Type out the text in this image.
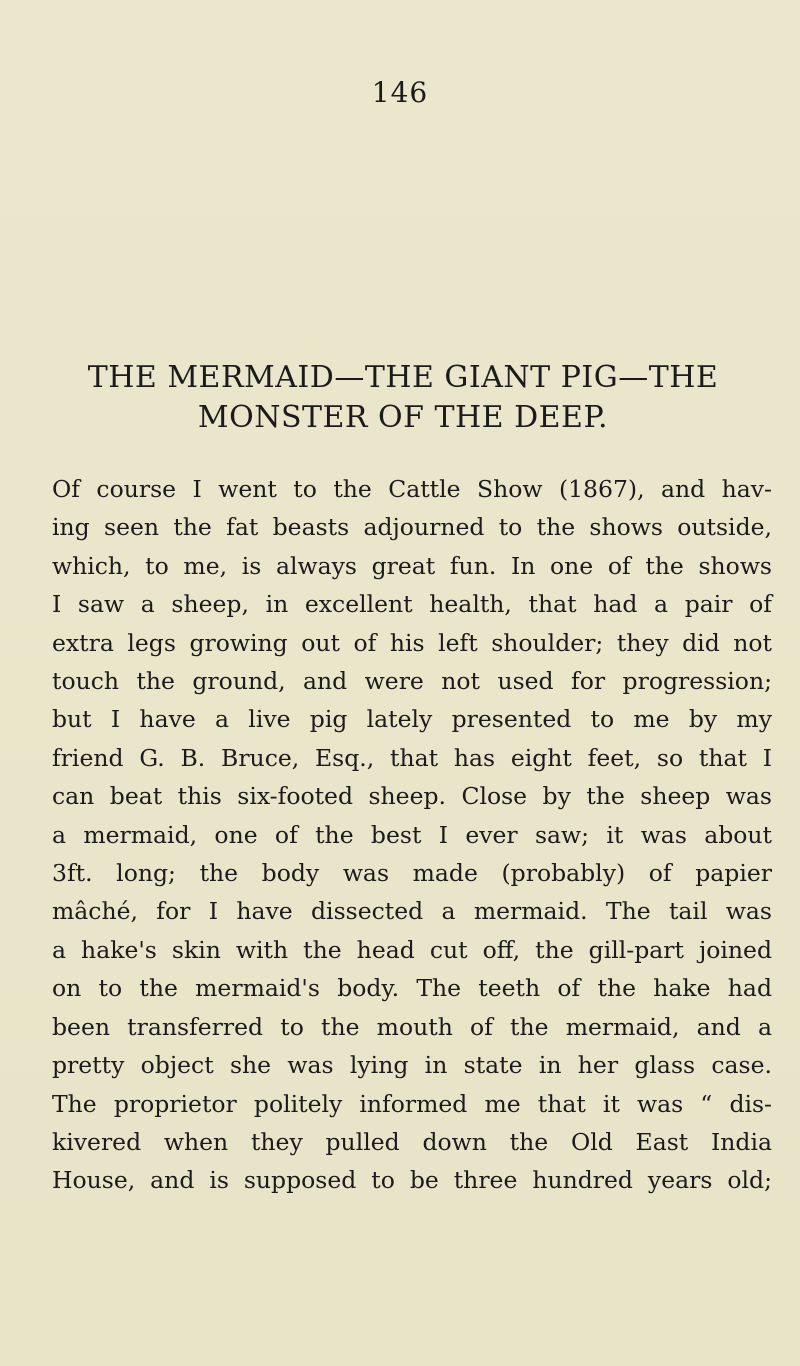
146
THE MERMAID—THE GIANT PIG—THE
MONSTER OF THE DEEP.
Of course I went to the Cattle Show (1867), and hav-
ing seen the fat beasts adjourned to the shows outside,
which, to me, is always great fun. In one of the shows
I saw a sheep, in excellent health, that had a pair of
extra legs growing out of his left shoulder; they did not
touch the ground, and were not used for progression;
but I have a live pig lately presented to me by my
friend G. B. Bruce, Esq., that has eight feet, so that I
can beat this six-footed sheep. Close by the sheep was
a mermaid, one of the best I ever saw; it was about
3ft. long; the body was made (probably) of papier
mâché, for I have dissected a mermaid. The tail was
a hake's skin with the head cut off, the gill-part joined
on to the mermaid's body. The teeth of the hake had
been transferred to the mouth of the mermaid, and a
pretty object she was lying in state in her glass case.
The proprietor politely informed me that it was “ dis-
kivered when they pulled down the Old East India
House, and is supposed to be three hundred years old;
